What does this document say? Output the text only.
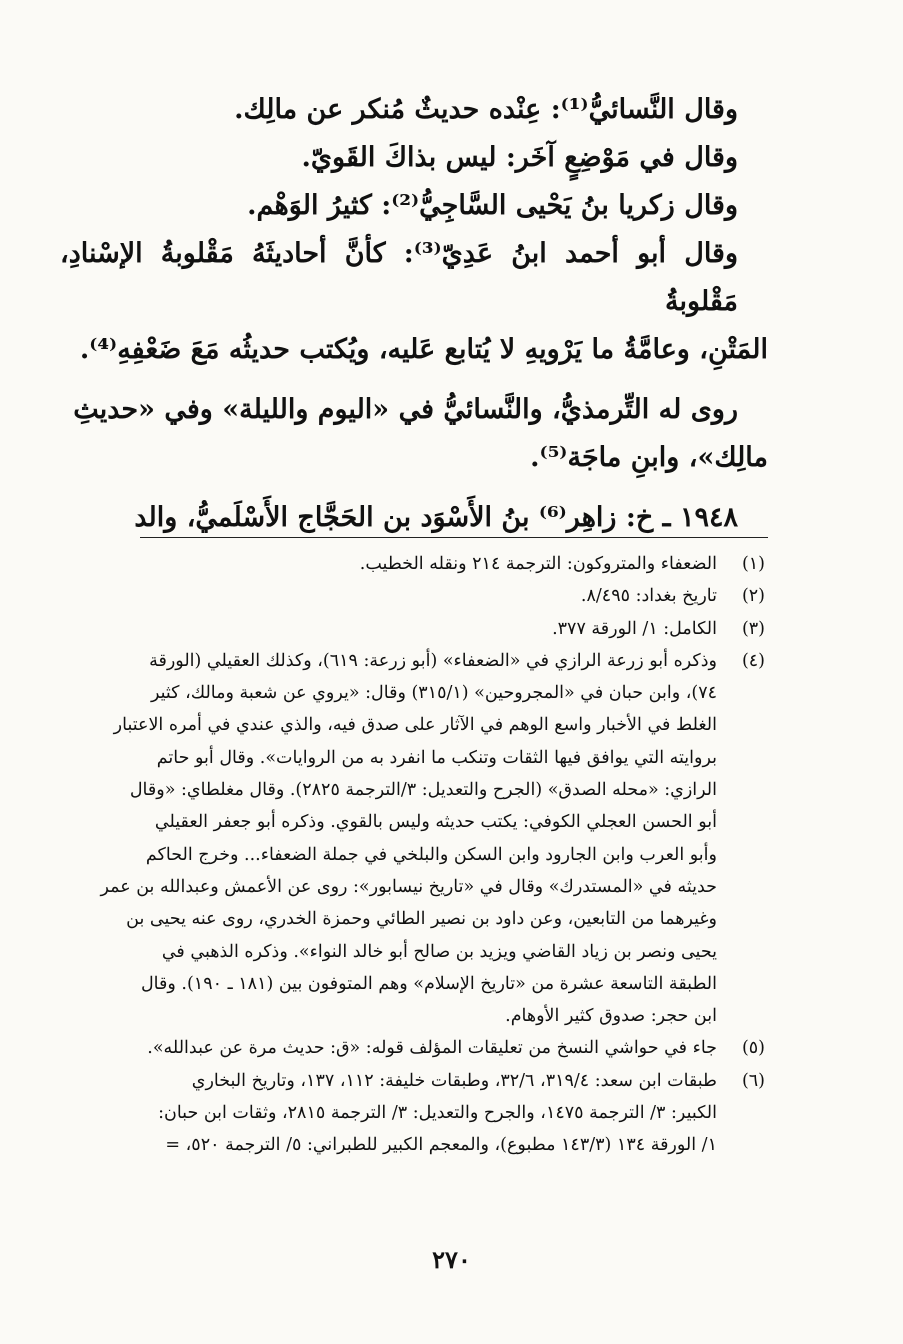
وقال النَّسائيُّ⁽¹⁾: عِنْده حديثٌ مُنكر عن مالِك.

وقال في مَوْضِعٍ آخَر: ليس بذاكَ القَويّ.

وقال زكريا بنُ يَحْيى السَّاجِيُّ⁽²⁾: كثيرُ الوَهْم.

وقال أبو أحمد ابنُ عَدِيّ⁽³⁾: كأنَّ أحاديثَهُ مَقْلوبةُ الإسْنادِ، مَقْلوبةُ

المَتْنِ، وعامَّةُ ما يَرْويهِ لا يُتابع عَليه، ويُكتب حديثُه مَعَ ضَعْفِهِ⁽⁴⁾.

روى له التِّرمذيُّ، والنَّسائيُّ في «اليوم والليلة» وفي «حديثِ

مالِك»، وابنِ ماجَة⁽⁵⁾.

١٩٤٨ ـ خ: زاهِر⁽⁶⁾ بنُ الأَسْوَد بن الحَجَّاج الأَسْلَميُّ، والد

(١)
الضعفاء والمتروكون: الترجمة ٢١٤ ونقله الخطيب.
(٢)
تاريخ بغداد: ٨/٤٩٥.
(٣)
الكامل: ١/ الورقة ٣٧٧.
(٤)
وذكره أبو زرعة الرازي في «الضعفاء» (أبو زرعة: ٦١٩)، وكذلك العقيلي (الورقة
٧٤)، وابن حبان في «المجروحين» (٣١٥/١) وقال: «يروي عن شعبة ومالك، كثير
الغلط في الأخبار واسع الوهم في الآثار على صدق فيه، والذي عندي في أمره الاعتبار
بروايته التي يوافق فيها الثقات وتنكب ما انفرد به من الروايات». وقال أبو حاتم
الرازي: «محله الصدق» (الجرح والتعديل: ٣/الترجمة ٢٨٢٥). وقال مغلطاي: «وقال
أبو الحسن العجلي الكوفي: يكتب حديثه وليس بالقوي. وذكره أبو جعفر العقيلي
وأبو العرب وابن الجارود وابن السكن والبلخي في جملة الضعفاء... وخرج الحاكم
حديثه في «المستدرك» وقال في «تاريخ نيسابور»: روى عن الأعمش وعبدالله بن عمر
وغيرهما من التابعين، وعن داود بن نصير الطائي وحمزة الخدري، روى عنه يحيى بن
يحيى ونصر بن زياد القاضي ويزيد بن صالح أبو خالد النواء». وذكره الذهبي في
الطبقة التاسعة عشرة من «تاريخ الإسلام» وهم المتوفون بين (١٨١ ـ ١٩٠). وقال
ابن حجر: صدوق كثير الأوهام.
(٥)
جاء في حواشي النسخ من تعليقات المؤلف قوله: «ق: حديث مرة عن عبدالله».
(٦)
طبقات ابن سعد: ٣١٩/٤، ٣٢/٦، وطبقات خليفة: ١١٢، ١٣٧، وتاريخ البخاري
الكبير: ٣/ الترجمة ١٤٧٥، والجرح والتعديل: ٣/ الترجمة ٢٨١٥، وثقات ابن حبان:
١/ الورقة ١٣٤ (١٤٣/٣ مطبوع)، والمعجم الكبير للطبراني: ٥/ الترجمة ٥٢٠، =
٢٧٠
